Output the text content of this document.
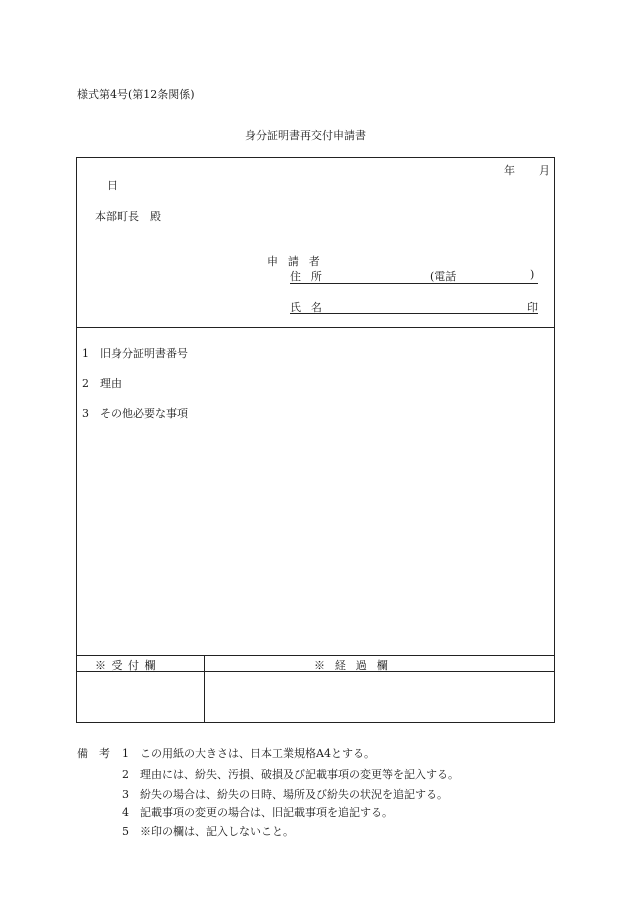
様式第4号(第12条関係)
身分証明書再交付申請書
年 月
日
本部町長　殿
申請者
住所	(電話	)
氏名	印
1　旧身分証明書番号
2　理由
3　その他必要な事項
※受付欄	※経過欄
備　考 1　この用紙の大きさは、日本工業規格A4とする。
2　理由には、紛失、汚損、破損及び記載事項の変更等を記入する。
3　紛失の場合は、紛失の日時、場所及び紛失の状況を追記する。
4　記載事項の変更の場合は、旧記載事項を追記する。
5　※印の欄は、記入しないこと。
